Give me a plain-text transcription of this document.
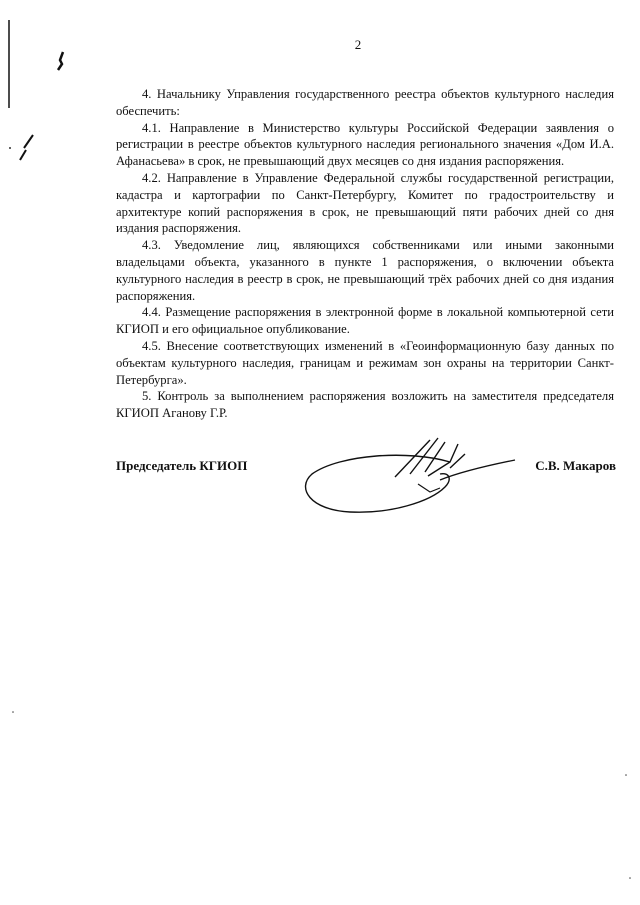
2

4. Начальнику Управления государственного реестра объектов культурного наследия обеспечить:

4.1. Направление в Министерство культуры Российской Федерации заявления о регистрации в реестре объектов культурного наследия регионального значения «Дом И.А. Афанасьева» в срок, не превышающий двух месяцев со дня издания распоряжения.

4.2. Направление в Управление Федеральной службы государственной регистрации, кадастра и картографии по Санкт-Петербургу, Комитет по градостроительству и архитектуре копий распоряжения в срок, не превышающий пяти рабочих дней со дня издания распоряжения.

4.3. Уведомление лиц, являющихся собственниками или иными законными владельцами объекта, указанного в пункте 1 распоряжения, о включении объекта культурного наследия в реестр в срок, не превышающий трёх рабочих дней со дня издания распоряжения.

4.4. Размещение распоряжения в электронной форме в локальной компьютерной сети КГИОП и его официальное опубликование.

4.5. Внесение соответствующих изменений в «Геоинформационную базу данных по объектам культурного наследия, границам и режимам зон охраны на территории Санкт-Петербурга».

5. Контроль за выполнением распоряжения возложить на заместителя председателя КГИОП Аганову Г.Р.

Председатель КГИОП	С.В. Макаров
